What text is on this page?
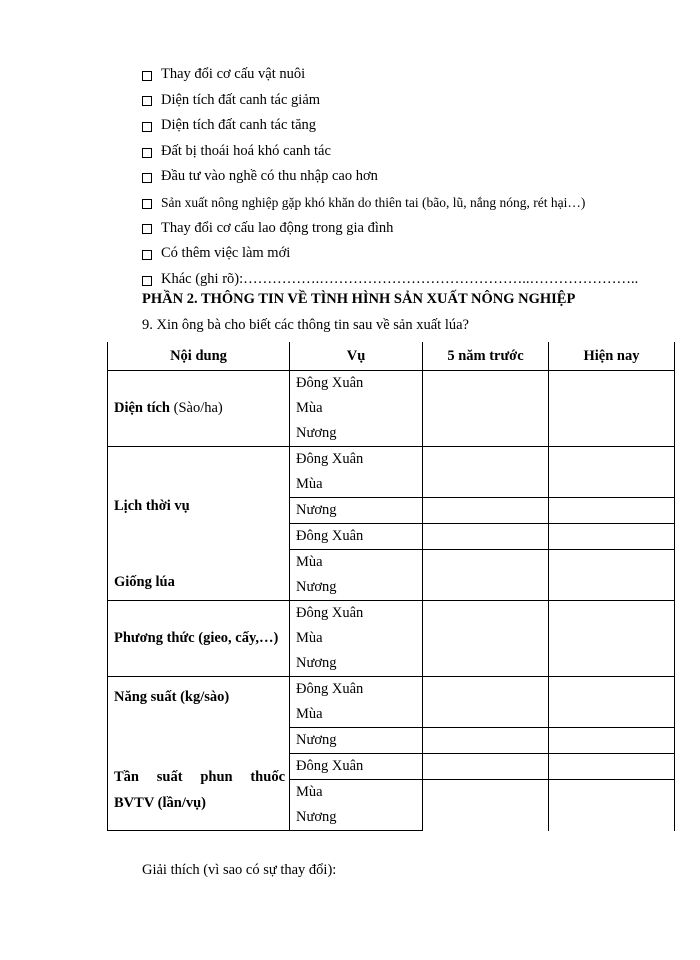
Thay đổi cơ cấu vật nuôi
Diện tích đất canh tác giảm
Diện tích đất canh tác tăng
Đất bị thoái hoá khó canh tác
Đầu tư vào nghề có thu nhập cao hơn
Sản xuất nông nghiệp gặp khó khăn do thiên tai (bão, lũ, nắng nóng, rét hại…)
Thay đổi cơ cấu lao động trong gia đình
Có thêm việc làm mới
Khác (ghi rõ):…………….……………………………………..…………………..
PHẦN 2. THÔNG TIN VỀ TÌNH HÌNH SẢN XUẤT NÔNG NGHIỆP
9. Xin ông bà cho biết các thông tin sau về sản xuất lúa?
Nội dung	Vụ	5 năm trước	Hiện nay
Diện tích (Sào/ha)	Đông Xuân		
	Mùa		
	Nương		
Lịch thời vụ	Đông Xuân		
	Mùa		
	Nương		
Giống lúa	Đông Xuân		
	Mùa		
	Nương		
Phương thức (gieo, cấy,…)	Đông Xuân		
	Mùa		
	Nương		
Năng suất (kg/sào)	Đông Xuân		
	Mùa		
	Nương		
Tần suất phun thuốc BVTV (lần/vụ)	Đông Xuân		
	Mùa		
	Nương		
Giải thích (vì sao có sự thay đổi):
